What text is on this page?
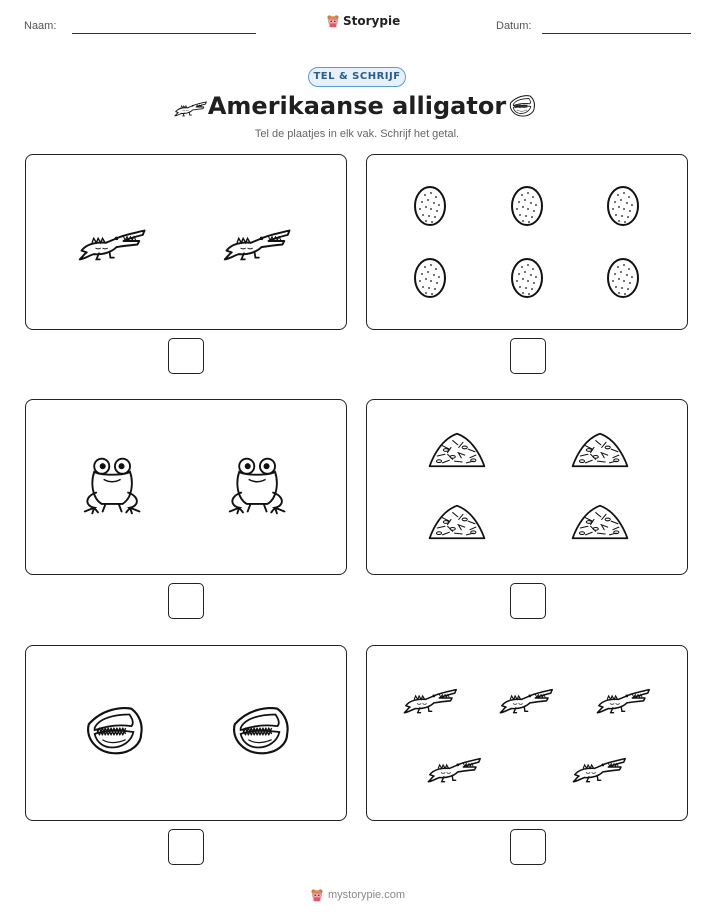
Naam:	Storypie	Datum:
TEL & SCHRIJF
Amerikaanse alligator
Tel de plaatjes in elk vak. Schrijf het getal.
mystorypie.com
